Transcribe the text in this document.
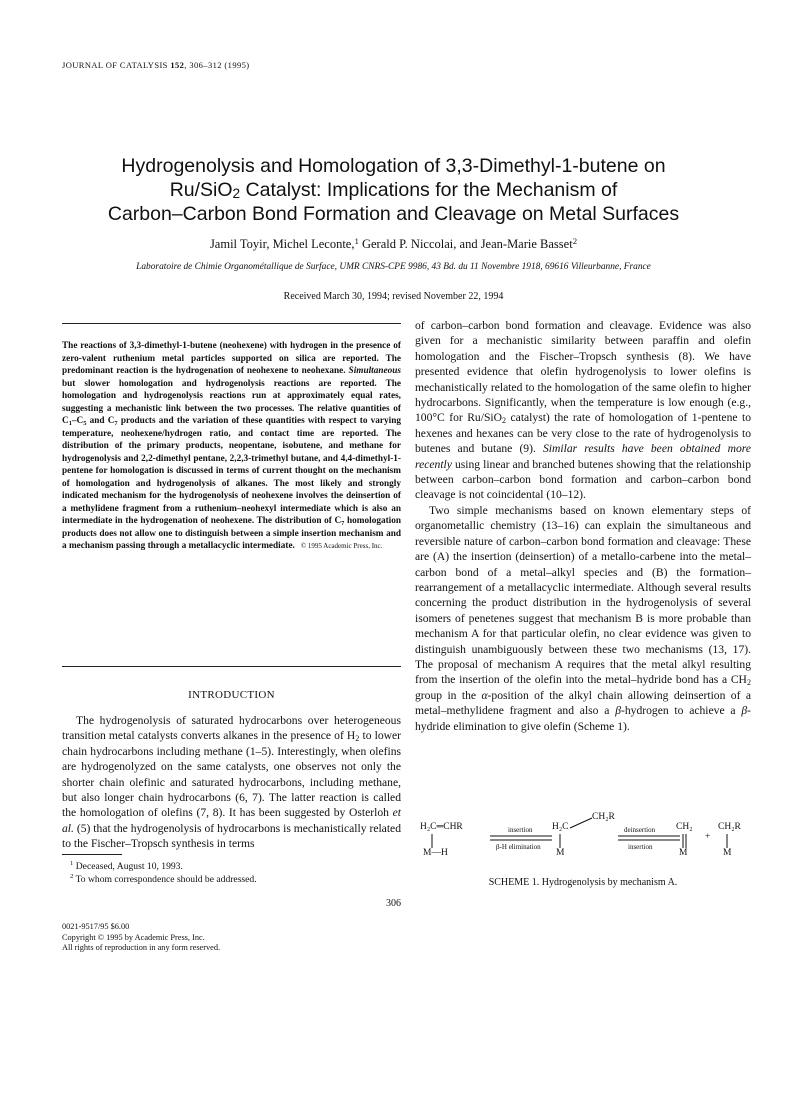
JOURNAL OF CATALYSIS 152, 306–312 (1995)
Hydrogenolysis and Homologation of 3,3-Dimethyl-1-butene on
Ru/SiO$_2$ Catalyst: Implications for the Mechanism of
Carbon–Carbon Bond Formation and Cleavage on Metal Surfaces
Jamil Toyir, Michel Leconte,$^1$ Gerald P. Niccolai, and Jean-Marie Basset$^2$
Laboratoire de Chimie Organométallique de Surface, UMR CNRS-CPE 9986, 43 Bd. du 11 Novembre 1918, 69616 Villeurbanne, France
Received March 30, 1994; revised November 22, 1994
The reactions of 3,3-dimethyl-1-butene (neohexene) with hydrogen in the presence of zero-valent ruthenium metal particles supported on silica are reported. The predominant reaction is the hydrogenation of neohexene to neohexane. Simultaneous but slower homologation and hydrogenolysis reactions are reported. The homologation and hydrogenolysis reactions run at approximately equal rates, suggesting a mechanistic link between the two processes. The relative quantities of $C_1-C_5$ and $C_7$ products and the variation of these quantities with respect to varying temperature, neohexene/hydrogen ratio, and contact time are reported. The distribution of the primary products, neopentane, isobutene, and methane for hydrogenolysis and 2,2-dimethyl pentane, 2,2,3-trimethyl butane, and 4,4-dimethyl-1-pentene for homologation is discussed in terms of current thought on the mechanism of homologation and hydrogenolysis of alkanes. The most likely and strongly indicated mechanism for the hydrogenolysis of neohexene involves the deinsertion of a methylidene fragment from a ruthenium–neohexyl intermediate which is also an intermediate in the hydrogenation of neohexene. The distribution of $C_7$ homologation products does not allow one to distinguish between a simple insertion mechanism and a mechanism passing through a metallacyclic intermediate. © 1995 Academic Press, Inc.
INTRODUCTION

The hydrogenolysis of saturated hydrocarbons over heterogeneous transition metal catalysts converts alkanes in the presence of $H_2$ to lower chain hydrocarbons including methane (1–5). Interestingly, when olefins are hydrogenolyzed on the same catalysts, one observes not only the shorter chain olefinic and saturated hydrocarbons, including methane, but also longer chain hydrocarbons (6, 7). The latter reaction is called the homologation of olefins (7, 8). It has been suggested by Osterloh et al. (5) that the hydrogenolysis of hydrocarbons is mechanistically related to the Fischer–Tropsch synthesis in terms

$^1$ Deceased, August 10, 1993.
$^2$ To whom correspondence should be addressed.

of carbon–carbon bond formation and cleavage. Evidence was also given for a mechanistic similarity between paraffin and olefin homologation and the Fischer–Tropsch synthesis (8). We have presented evidence that olefin hydrogenolysis to lower olefins is mechanistically related to the homologation of the same olefin to higher hydrocarbons. Significantly, when the temperature is low enough (e.g., 100°C for Ru/SiO$_2$ catalyst) the rate of homologation of 1-pentene to hexenes and hexanes can be very close to the rate of hydrogenolysis to butenes and butane (9). Similar results have been obtained more recently using linear and branched butenes showing that the relationship between carbon–carbon bond formation and carbon–carbon bond cleavage is not coincidental (10–12).

Two simple mechanisms based on known elementary steps of organometallic chemistry (13–16) can explain the simultaneous and reversible nature of carbon–carbon bond formation and cleavage: These are (A) the insertion (deinsertion) of a metallo-carbene into the metal–carbon bond of a metal–alkyl species and (B) the formation–rearrangement of a metallacyclic intermediate. Although several results concerning the product distribution in the hydrogenolysis of several isomers of penetenes suggest that mechanism B is more probable than mechanism A for that particular olefin, no clear evidence was given to distinguish unambiguously between these two mechanisms (13, 17). The proposal of mechanism A requires that the metal alkyl resulting from the insertion of the olefin into the metal–hydride bond has a $CH_2$ group in the α-position of the alkyl chain allowing deinsertion of a metal–methylidene fragment and also a β-hydrogen to achieve a β-hydride elimination to give olefin (Scheme 1).

H₂C═CHR
M—H
insertion
β-H elimination
CH₂R
H₂C
M
deinsertion
insertion
CH₂
M
+
CH₂R
M
SCHEME 1. Hydrogenolysis by mechanism A.
306
0021-9517/95 $6.00
Copyright © 1995 by Academic Press, Inc.
All rights of reproduction in any form reserved.
